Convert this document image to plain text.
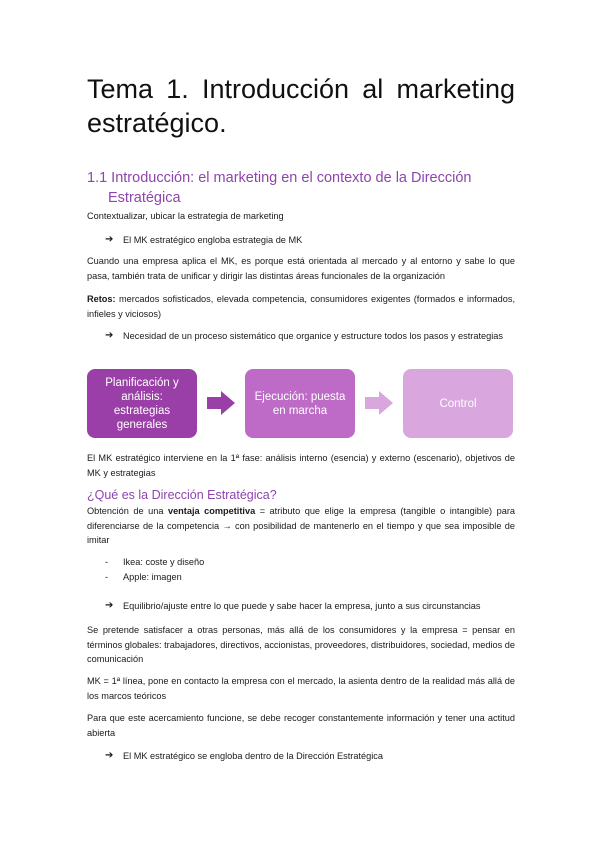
Tema 1. Introducción al marketing estratégico.
1.1 Introducción: el marketing en el contexto de la Dirección
Estratégica
Contextualizar, ubicar la estrategia de marketing
➔	El MK estratégico engloba estrategia de MK
Cuando una empresa aplica el MK, es porque está orientada al mercado y al entorno y sabe lo que pasa, también trata de unificar y dirigir las distintas áreas funcionales de la organización
Retos: mercados sofisticados, elevada competencia, consumidores exigentes (formados e informados, infieles y viciosos)
➔	Necesidad de un proceso sistemático que organice y estructure todos los pasos y estrategias
Planificación y análisis: estrategias generales
Ejecución: puesta en marcha
Control
El MK estratégico interviene en la 1ª fase: análisis interno (esencia) y externo (escenario), objetivos de MK y estrategias
¿Qué es la Dirección Estratégica?
Obtención de una ventaja competitiva = atributo que elige la empresa (tangible o intangible) para diferenciarse de la competencia → con posibilidad de mantenerlo en el tiempo y que sea imposible de imitar
-	Ikea: coste y diseño
-	Apple: imagen
➔	Equilibrio/ajuste entre lo que puede y sabe hacer la empresa, junto a sus circunstancias
Se pretende satisfacer a otras personas, más allá de los consumidores y la empresa = pensar en términos globales: trabajadores, directivos, accionistas, proveedores, distribuidores, sociedad, medios de comunicación
MK = 1ª línea, pone en contacto la empresa con el mercado, la asienta dentro de la realidad más allá de los marcos teóricos
Para que este acercamiento funcione, se debe recoger constantemente información y tener una actitud abierta
➔	El MK estratégico se engloba dentro de la Dirección Estratégica
